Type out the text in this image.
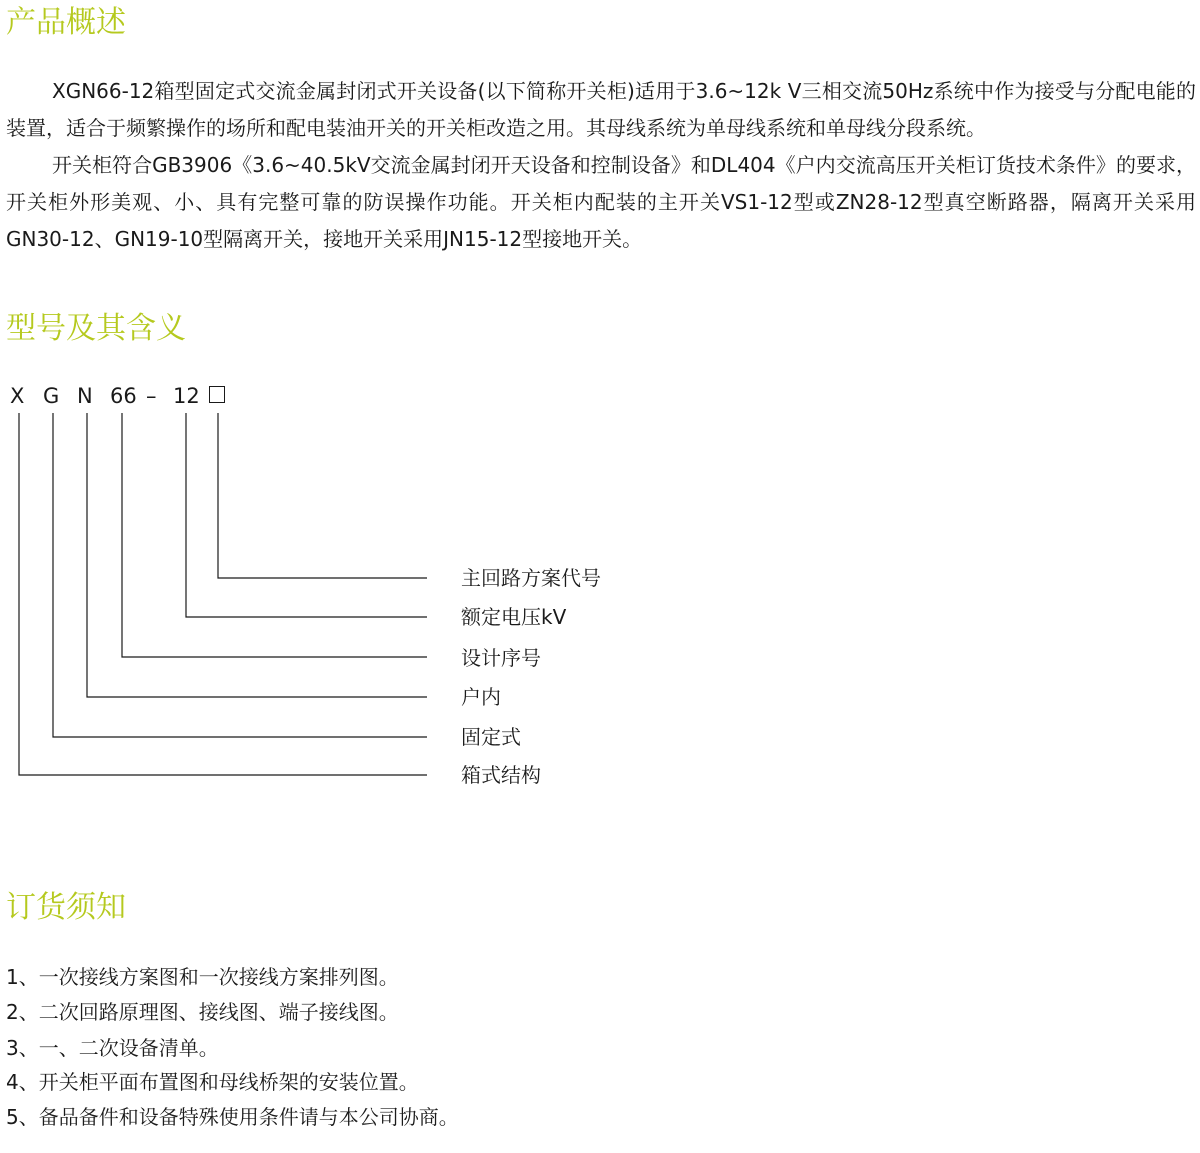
产品概述

XGN66-12箱型固定式交流金属封闭式开关设备(以下简称开关柜)适用于3.6~12k V三相交流50Hz系统中作为接受与分配电能的装置，适合于频繁操作的场所和配电装油开关的开关柜改造之用。其母线系统为单母线系统和单母线分段系统。

开关柜符合GB3906《3.6~40.5kV交流金属封闭开天设备和控制设备》和DL404《户内交流高压开关柜订货技术条件》的要求，开关柜外形美观、小、具有完整可靠的防误操作功能。开关柜内配装的主开关VS1-12型或ZN28-12型真空断路器，隔离开关采用GN30-12、GN19-10型隔离开关，接地开关采用JN15-12型接地开关。

型号及其含义
X G N 66 – 12
主回路方案代号
额定电压kV
设计序号
户内
固定式
箱式结构
订货须知
1、一次接线方案图和一次接线方案排列图。
2、二次回路原理图、接线图、端子接线图。
3、一、二次设备清单。
4、开关柜平面布置图和母线桥架的安装位置。
5、备品备件和设备特殊使用条件请与本公司协商。
